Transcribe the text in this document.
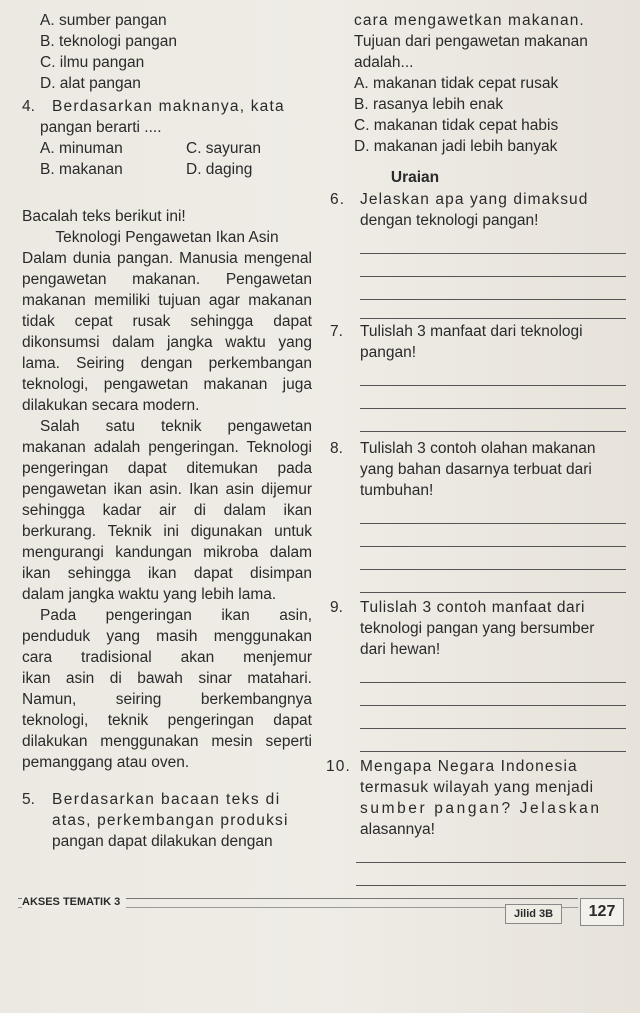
A. sumber pangan
B. teknologi pangan
C. ilmu pangan
D. alat pangan
4. Berdasarkan maknanya, kata
pangan berarti ....
A. minuman	C. sayuran
B. makanan	D. daging
Bacalah teks berikut ini!
Teknologi Pengawetan Ikan Asin
Dalam dunia pangan. Manusia mengenal
pengawetan makanan. Pengawetan
makanan memiliki tujuan agar makanan
tidak cepat rusak sehingga dapat
dikonsumsi dalam jangka waktu yang
lama. Seiring dengan perkembangan
teknologi, pengawetan makanan juga
dilakukan secara modern.
Salah satu teknik pengawetan
makanan adalah pengeringan. Teknologi
pengeringan dapat ditemukan pada
pengawetan ikan asin. Ikan asin dijemur
sehingga kadar air di dalam ikan
berkurang. Teknik ini digunakan untuk
mengurangi kandungan mikroba dalam
ikan sehingga ikan dapat disimpan
dalam jangka waktu yang lebih lama.
Pada pengeringan ikan asin,
penduduk yang masih menggunakan
cara tradisional akan menjemur
ikan asin di bawah sinar matahari.
Namun, seiring berkembangnya
teknologi, teknik pengeringan dapat
dilakukan menggunakan mesin seperti
pemanggang atau oven.
5. Berdasarkan bacaan teks di
atas, perkembangan produksi
pangan dapat dilakukan dengan
cara mengawetkan makanan.
Tujuan dari pengawetan makanan
adalah...
A. makanan tidak cepat rusak
B. rasanya lebih enak
C. makanan tidak cepat habis
D. makanan jadi lebih banyak
Uraian
6. Jelaskan apa yang dimaksud
dengan teknologi pangan!
7. Tulislah 3 manfaat dari teknologi
pangan!
8. Tulislah 3 contoh olahan makanan
yang bahan dasarnya terbuat dari
tumbuhan!
9. Tulislah 3 contoh manfaat dari
teknologi pangan yang bersumber
dari hewan!
10. Mengapa Negara Indonesia
termasuk wilayah yang menjadi
sumber pangan? Jelaskan
alasannya!
AKSES TEMATIK 3
Jilid 3B	127
